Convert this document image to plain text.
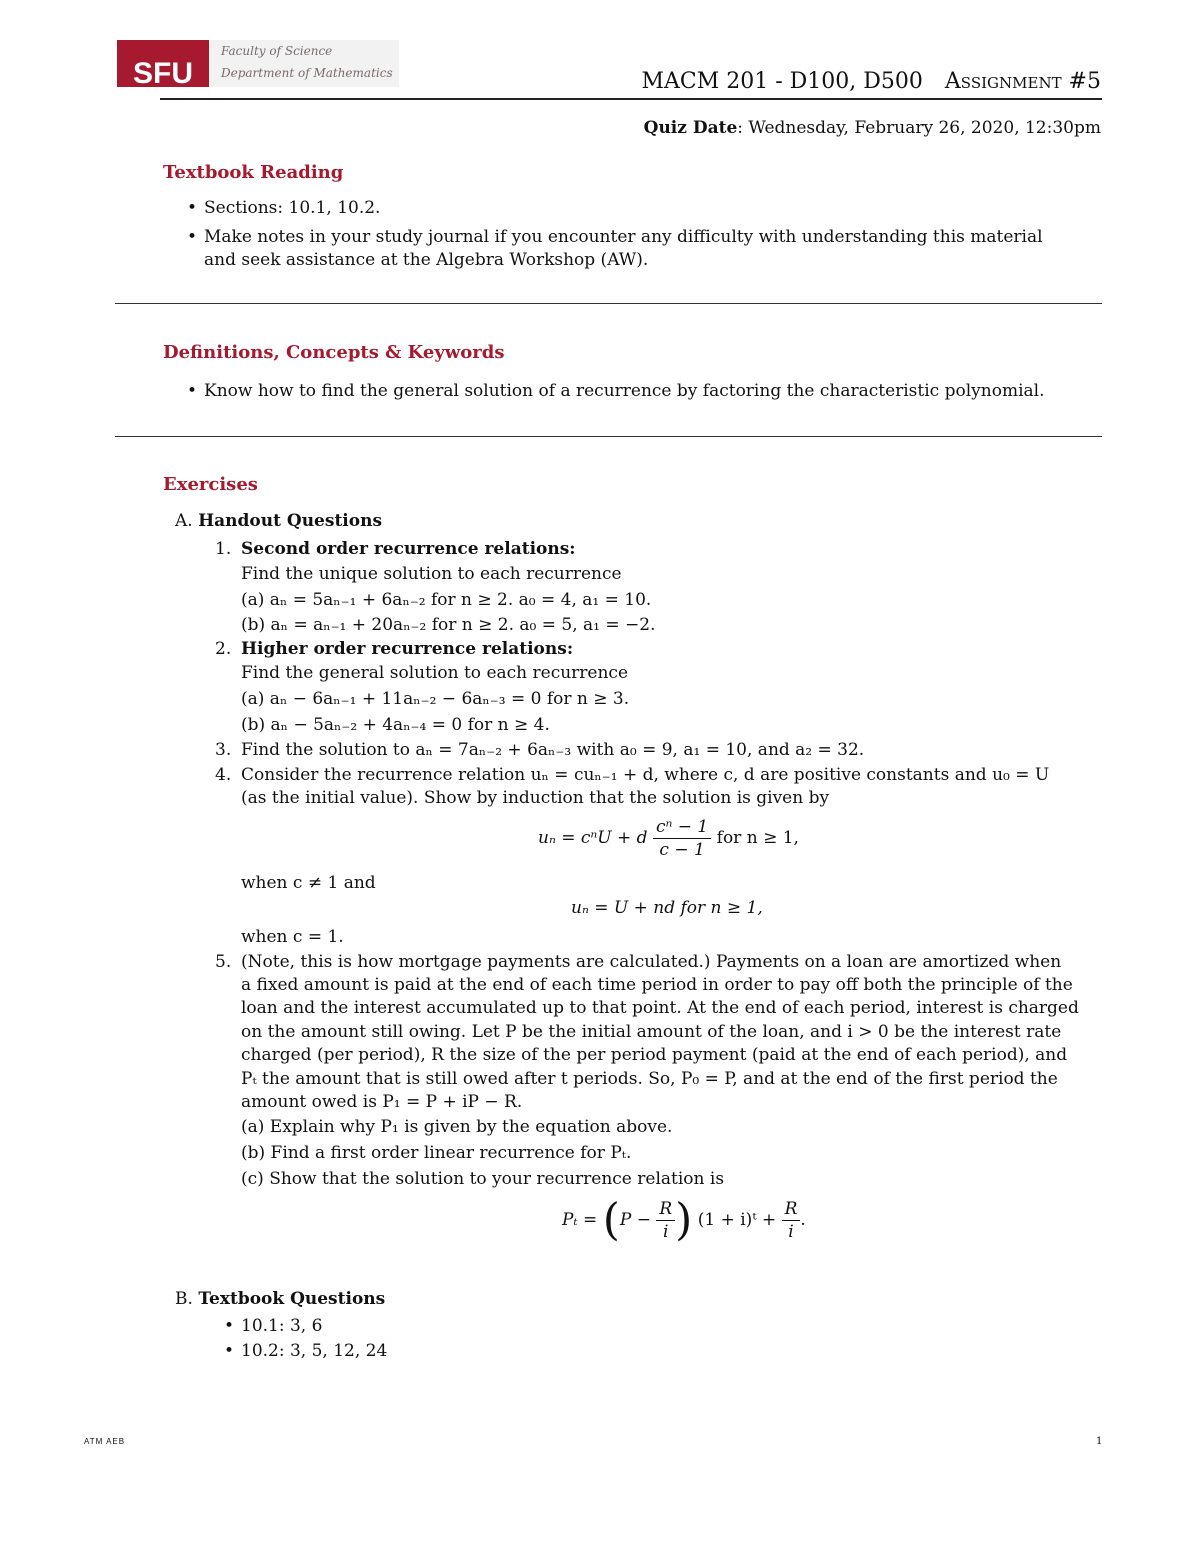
SFU
Faculty of Science
Department of Mathematics	MACM 201 - D100, D500 Assignment #5
Quiz Date: Wednesday, February 26, 2020, 12:30pm
Textbook Reading
• Sections: 10.1, 10.2.
• Make notes in your study journal if you encounter any difficulty with understanding this material
and seek assistance at the Algebra Workshop (AW).
Definitions, Concepts & Keywords
• Know how to find the general solution of a recurrence by factoring the characteristic polynomial.
Exercises
A. Handout Questions
1. Second order recurrence relations:
Find the unique solution to each recurrence
(a) aₙ = 5aₙ₋₁ + 6aₙ₋₂ for n ≥ 2. a₀ = 4, a₁ = 10.
(b) aₙ = aₙ₋₁ + 20aₙ₋₂ for n ≥ 2. a₀ = 5, a₁ = −2.
2. Higher order recurrence relations:
Find the general solution to each recurrence
(a) aₙ − 6aₙ₋₁ + 11aₙ₋₂ − 6aₙ₋₃ = 0 for n ≥ 3.
(b) aₙ − 5aₙ₋₂ + 4aₙ₋₄ = 0 for n ≥ 4.
3. Find the solution to aₙ = 7aₙ₋₂ + 6aₙ₋₃ with a₀ = 9, a₁ = 10, and a₂ = 32.
4. Consider the recurrence relation uₙ = cuₙ₋₁ + d, where c, d are positive constants and u₀ = U
(as the initial value). Show by induction that the solution is given by
uₙ = cⁿU + d $\frac{\text{cⁿ − 1}}{c - 1}$ for n ≥ 1,
when c ≠ 1 and
uₙ = U + nd for n ≥ 1,
when c = 1.
5. (Note, this is how mortgage payments are calculated.) Payments on a loan are amortized when
a fixed amount is paid at the end of each time period in order to pay off both the principle of the
loan and the interest accumulated up to that point. At the end of each period, interest is charged
on the amount still owing. Let P be the initial amount of the loan, and i > 0 be the interest rate
charged (per period), R the size of the per period payment (paid at the end of each period), and
Pₜ the amount that is still owed after t periods. So, P₀ = P, and at the end of the first period the
amount owed is P₁ = P + iP − R.
(a) Explain why P₁ is given by the equation above.
(b) Find a first order linear recurrence for Pₜ.
(c) Show that the solution to your recurrence relation is
$P_t = (P - \frac{R}{i}$ ) (1 + i)ᵗ + $\frac{R}{i}$ .
B. Textbook Questions
• 10.1: 3, 6
• 10.2: 3, 5, 12, 24
ATM AEB	1
